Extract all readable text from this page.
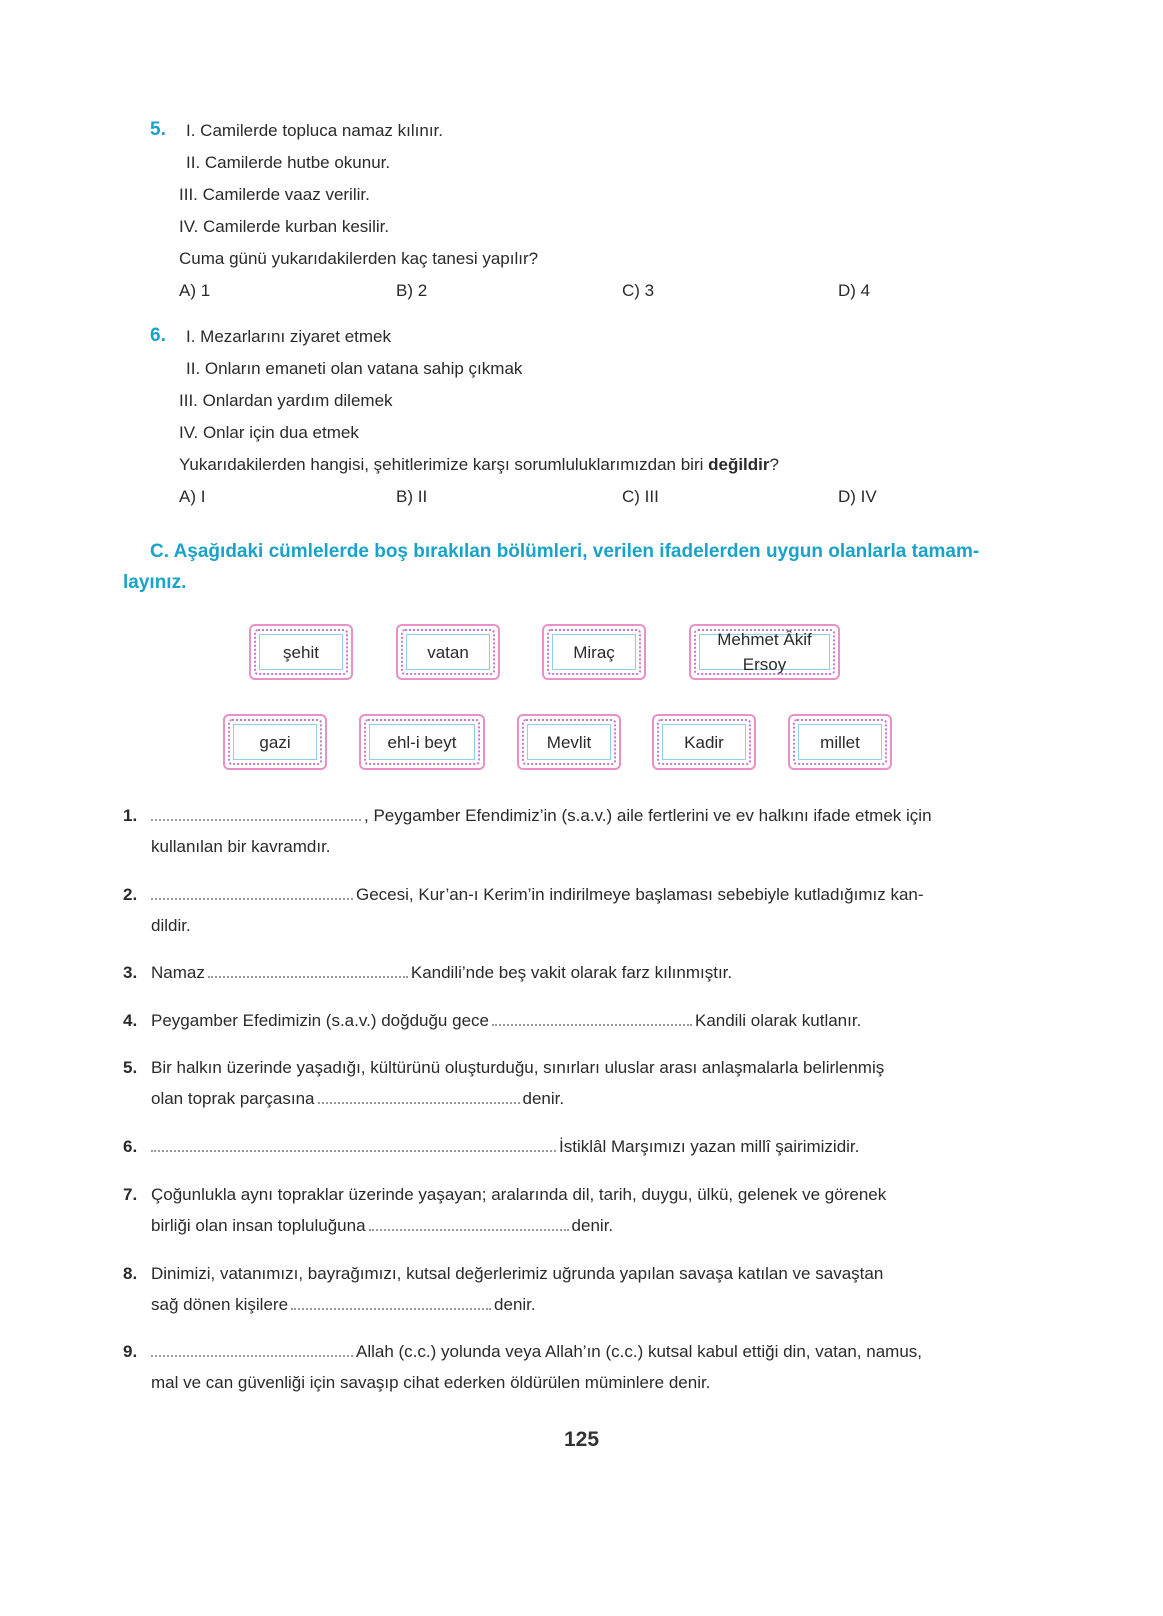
5. I. Camilerde topluca namaz kılınır.
II. Camilerde hutbe okunur.
III. Camilerde vaaz verilir.
IV. Camilerde kurban kesilir.
Cuma günü yukarıdakilerden kaç tanesi yapılır?
A) 1	B) 2	C) 3	D) 4
6. I. Mezarlarını ziyaret etmek
II. Onların emaneti olan vatana sahip çıkmak
III. Onlardan yardım dilemek
IV. Onlar için dua etmek
Yukarıdakilerden hangisi, şehitlerimize karşı sorumluluklarımızdan biri değildir?
A) I	B) II	C) III	D) IV
C. Aşağıdaki cümlelerde boş bırakılan bölümleri, verilen ifadelerden uygun olanlarla tamam-
layınız.
şehit	vatan	Miraç
Mehmet Âkif
Ersoy
gazi	ehl-i beyt	Mevlit	Kadir	millet
1.	, Peygamber Efendimiz’in (s.a.v.) aile fertlerini ve ev halkını ifade etmek için
kullanılan bir kavramdır.
2.	Gecesi, Kur’an-ı Kerim’in indirilmeye başlaması sebebiyle kutladığımız kan-
dildir.
3. Namaz	Kandili’nde beş vakit olarak farz kılınmıştır.
4. Peygamber Efedimizin (s.a.v.) doğduğu gece	Kandili olarak kutlanır.
5. Bir halkın üzerinde yaşadığı, kültürünü oluşturduğu, sınırları uluslar arası anlaşmalarla belirlenmiş
olan toprak parçasına	denir.
6.	İstiklâl Marşımızı yazan millî şairimizidir.
7. Çoğunlukla aynı topraklar üzerinde yaşayan; aralarında dil, tarih, duygu, ülkü, gelenek ve görenek
birliği olan insan topluluğuna	denir.
8. Dinimizi, vatanımızı, bayrağımızı, kutsal değerlerimiz uğrunda yapılan savaşa katılan ve savaştan
sağ dönen kişilere	denir.
9.	Allah (c.c.) yolunda veya Allah’ın (c.c.) kutsal kabul ettiği din, vatan, namus,
mal ve can güvenliği için savaşıp cihat ederken öldürülen müminlere denir.
125
